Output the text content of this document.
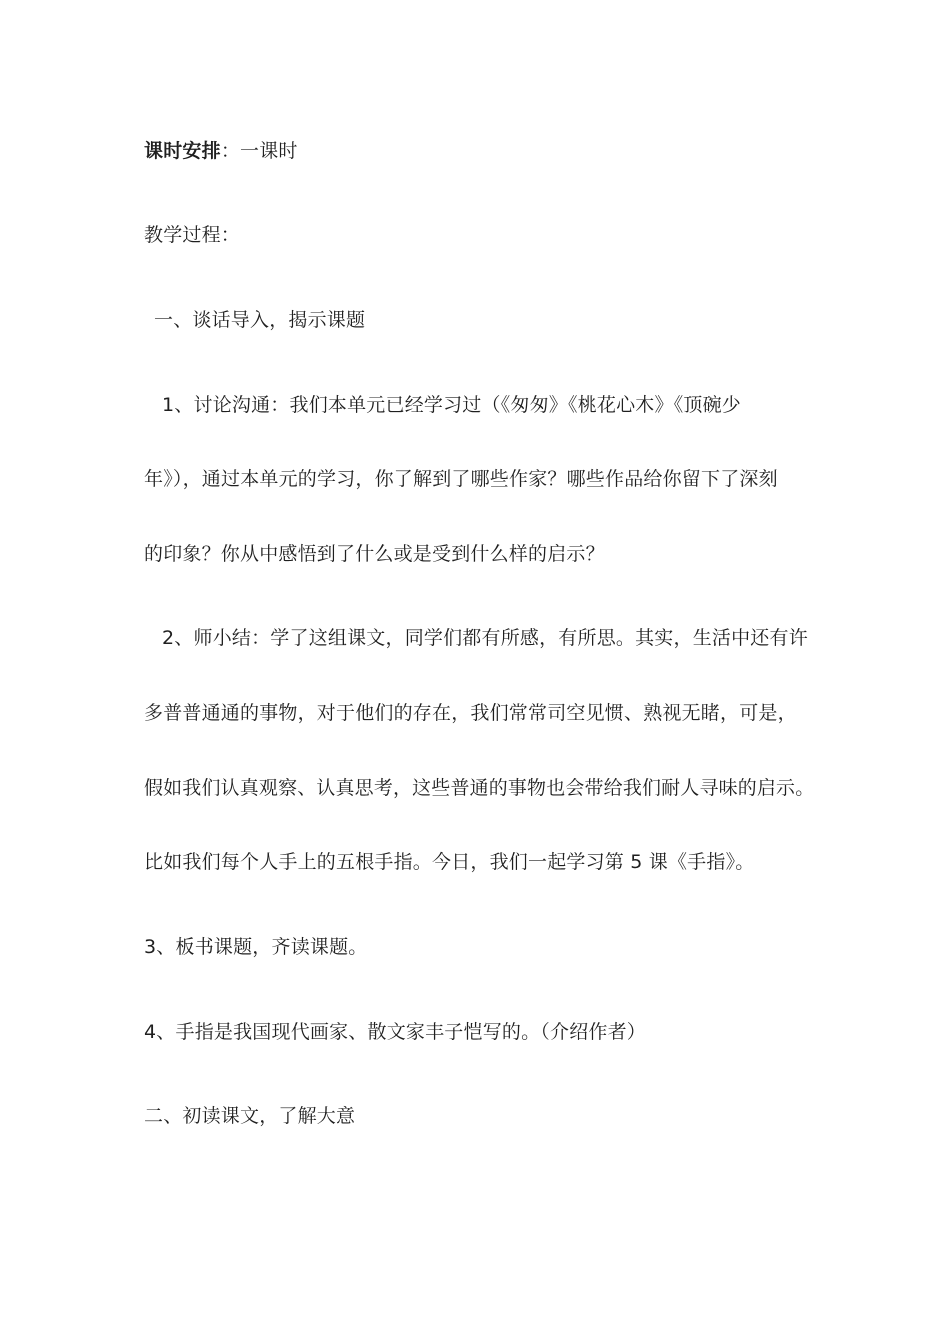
课时安排：一课时
教学过程：
一、谈话导入，揭示课题
1、讨论沟通：我们本单元已经学习过（《匆匆》《桃花心木》《顶碗少
年》），通过本单元的学习，你了解到了哪些作家？哪些作品给你留下了深刻
的印象？你从中感悟到了什么或是受到什么样的启示？
2、师小结：学了这组课文，同学们都有所感，有所思。其实，生活中还有许
多普普通通的事物，对于他们的存在，我们常常司空见惯、熟视无睹，可是，
假如我们认真观察、认真思考，这些普通的事物也会带给我们耐人寻味的启示。
比如我们每个人手上的五根手指。今日，我们一起学习第 5 课《手指》。
3、板书课题，齐读课题。
4、手指是我国现代画家、散文家丰子恺写的。（介绍作者）
二、初读课文，了解大意
